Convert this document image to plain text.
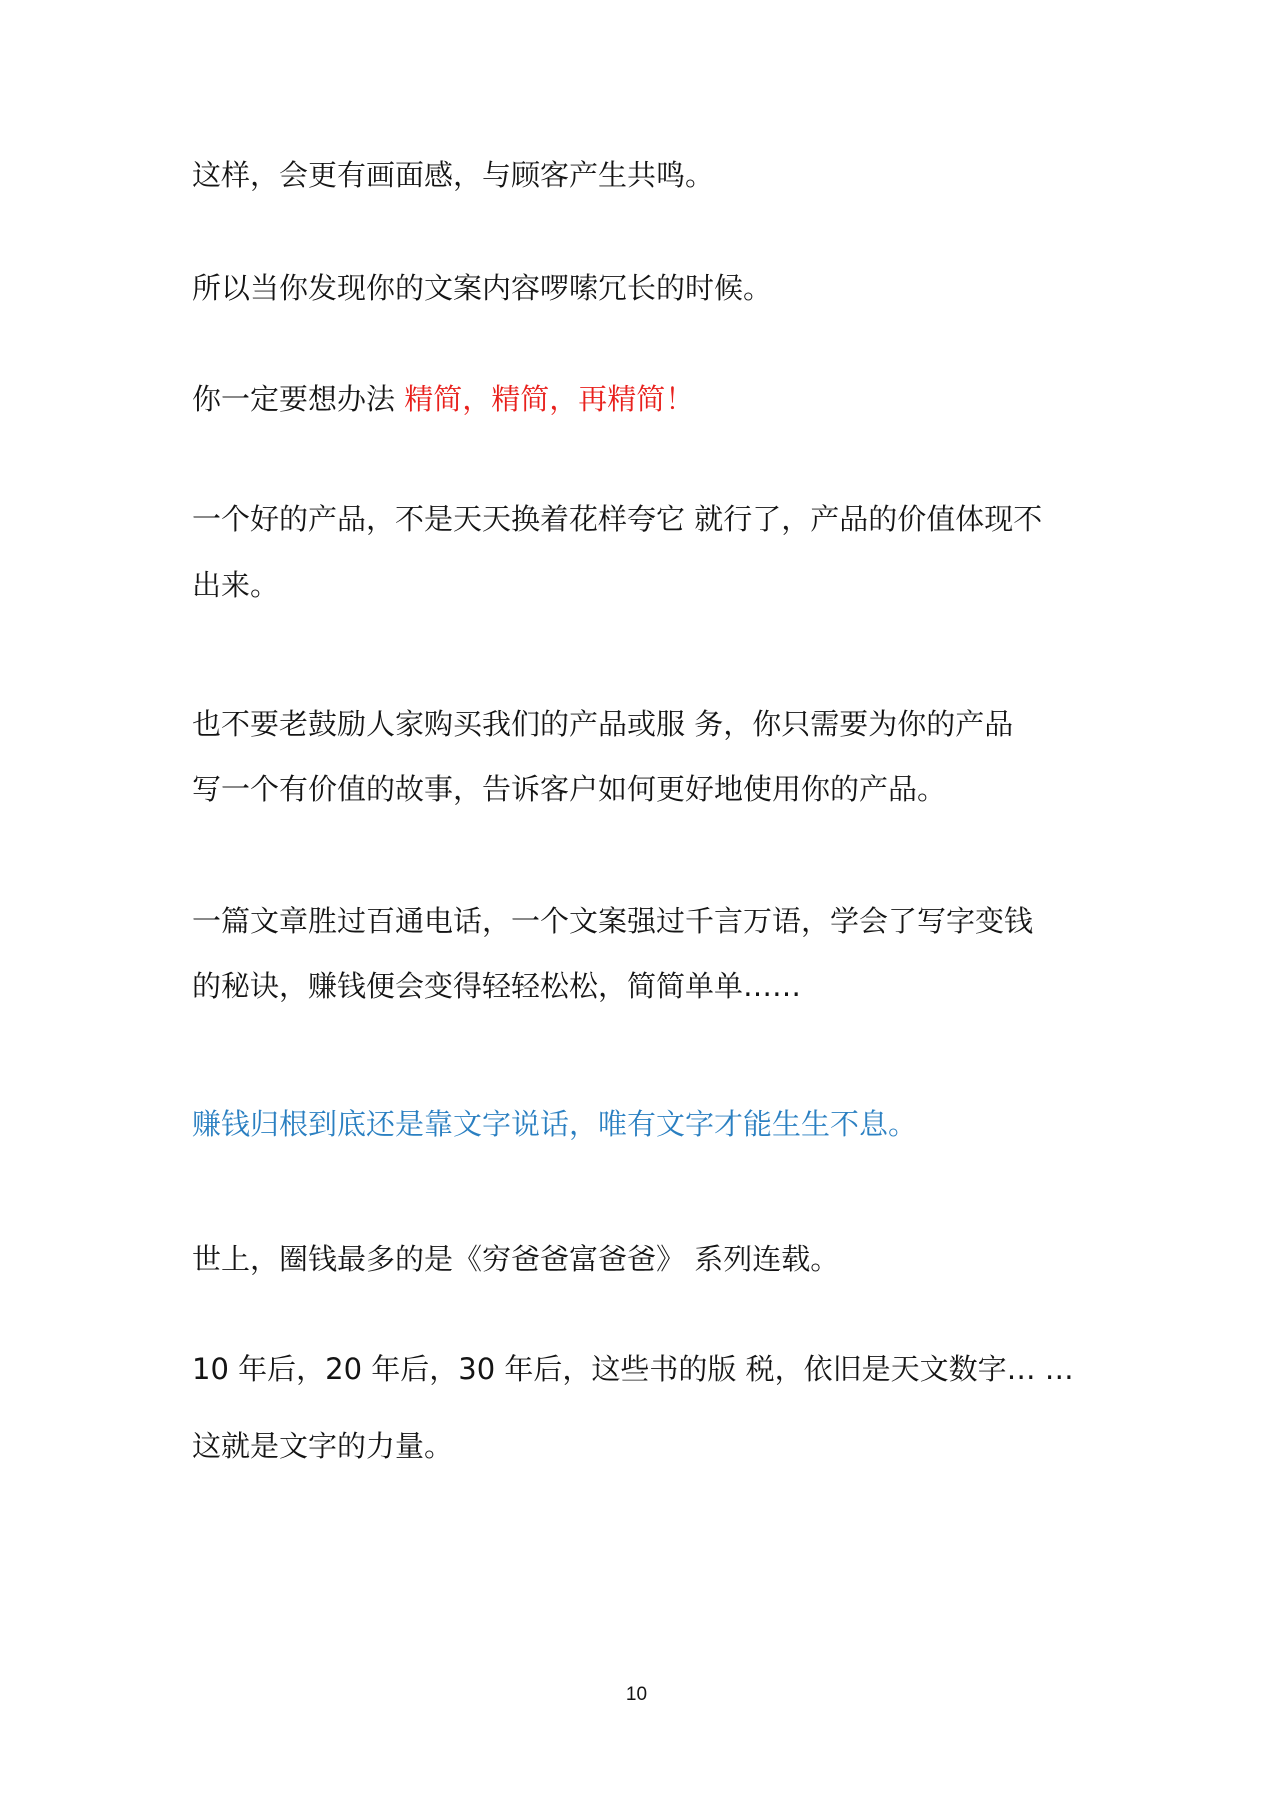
这样，会更有画面感，与顾客产生共鸣。

所以当你发现你的文案内容啰嗦冗长的时候。

你一定要想办法 精简，精简，再精简！

一个好的产品，不是天天换着花样夸它 就行了，产品的价值体现不

出来。

也不要老鼓励人家购买我们的产品或服 务，你只需要为你的产品

写一个有价值的故事，告诉客户如何更好地使用你的产品。

一篇文章胜过百通电话，一个文案强过千言万语，学会了写字变钱

的秘诀，赚钱便会变得轻轻松松，简简单单……

赚钱归根到底还是靠文字说话，唯有文字才能生生不息。

世上，圈钱最多的是《穷爸爸富爸爸》 系列连载。

10 年后，20 年后，30 年后，这些书的版 税，依旧是天文数字… …

这就是文字的力量。

10
